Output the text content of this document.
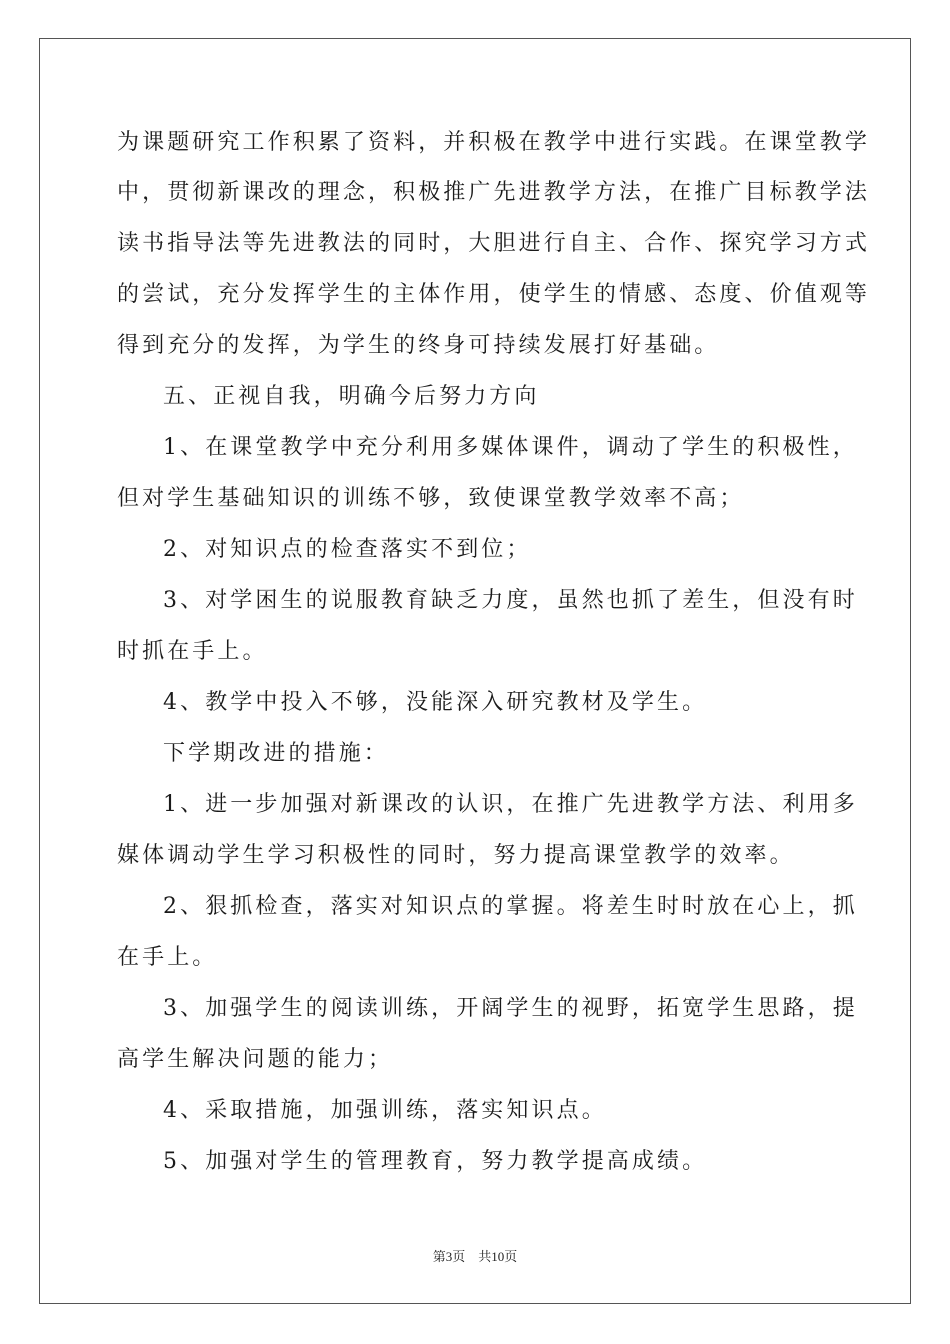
为课题研究工作积累了资料，并积极在教学中进行实践。在课堂教学
中，贯彻新课改的理念，积极推广先进教学方法，在推广目标教学法
读书指导法等先进教法的同时，大胆进行自主、合作、探究学习方式
的尝试，充分发挥学生的主体作用，使学生的情感、态度、价值观等
得到充分的发挥，为学生的终身可持续发展打好基础。
五、正视自我，明确今后努力方向
1、在课堂教学中充分利用多媒体课件，调动了学生的积极性，
但对学生基础知识的训练不够，致使课堂教学效率不高；
2、对知识点的检查落实不到位；
3、对学困生的说服教育缺乏力度，虽然也抓了差生，但没有时
时抓在手上。
4、教学中投入不够，没能深入研究教材及学生。
下学期改进的措施：
1、进一步加强对新课改的认识，在推广先进教学方法、利用多
媒体调动学生学习积极性的同时，努力提高课堂教学的效率。
2、狠抓检查，落实对知识点的掌握。将差生时时放在心上，抓
在手上。
3、加强学生的阅读训练，开阔学生的视野，拓宽学生思路，提
高学生解决问题的能力；
4、采取措施，加强训练，落实知识点。
5、加强对学生的管理教育，努力教学提高成绩。
第3页　共10页
